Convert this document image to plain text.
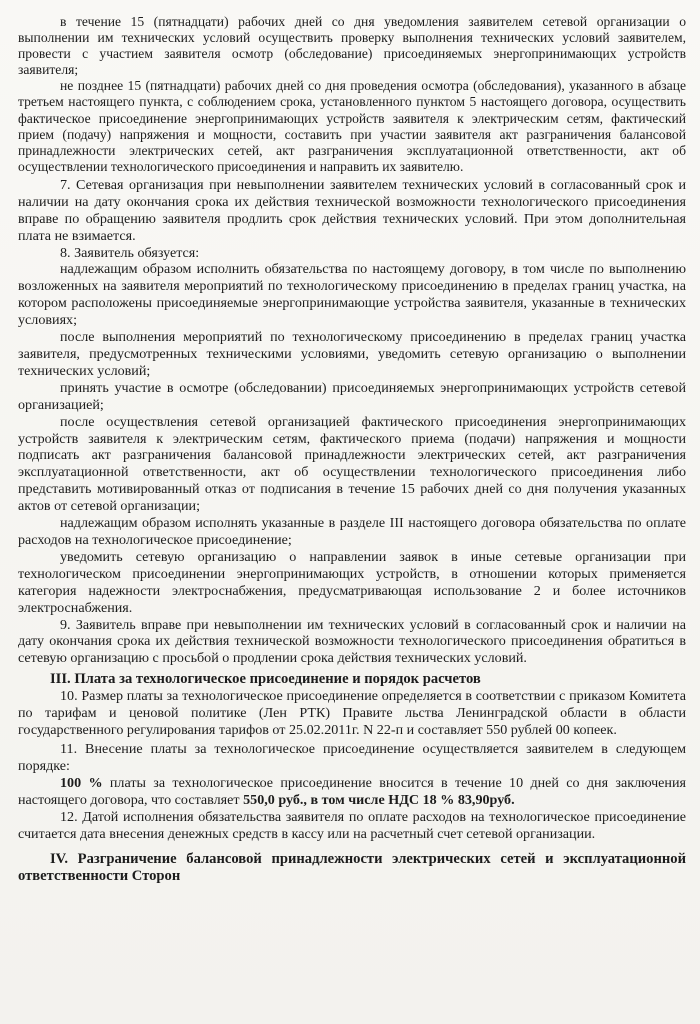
в течение 15 (пятнадцати) рабочих дней со дня уведомления заявителем сетевой организации о выполнении им технических условий осуществить проверку выполнения технических условий заявителем, провести с участием заявителя осмотр (обследование) присоединяемых энергопринимающих устройств заявителя;

не позднее 15 (пятнадцати) рабочих дней со дня проведения осмотра (обследования), указанного в абзаце третьем настоящего пункта, с соблюдением срока, установленного пунктом 5 настоящего договора, осуществить фактическое присоединение энергопринимающих устройств заявителя к электрическим сетям, фактический прием (подачу) напряжения и мощности, составить при участии заявителя акт разграничения балансовой принадлежности электрических сетей, акт разграничения эксплуатационной ответственности, акт об осуществлении технологического присоединения и направить их заявителю.

7. Сетевая организация при невыполнении заявителем технических условий в согласованный срок и наличии на дату окончания срока их действия технической возможности технологического присоединения вправе по обращению заявителя продлить срок действия технических условий. При этом дополнительная плата не взимается.

8. Заявитель обязуется:

надлежащим образом исполнить обязательства по настоящему договору, в том числе по выполнению возложенных на заявителя мероприятий по технологическому присоединению в пределах границ участка, на котором расположены присоединяемые энергопринимающие устройства заявителя, указанные в технических условиях;

после выполнения мероприятий по технологическому присоединению в пределах границ участка заявителя, предусмотренных техническими условиями, уведомить сетевую организацию о выполнении технических условий;

принять участие в осмотре (обследовании) присоединяемых энергопринимающих устройств сетевой организацией;

после осуществления сетевой организацией фактического присоединения энергопринимающих устройств заявителя к электрическим сетям, фактического приема (подачи) напряжения и мощности подписать акт разграничения балансовой принадлежности электрических сетей, акт разграничения эксплуатационной ответственности, акт об осуществлении технологического присоединения либо представить мотивированный отказ от подписания в течение 15 рабочих дней со дня получения указанных актов от сетевой организации;

надлежащим образом исполнять указанные в разделе III настоящего договора обязательства по оплате расходов на технологическое присоединение;

уведомить сетевую организацию о направлении заявок в иные сетевые организации при технологическом присоединении энергопринимающих устройств, в отношении которых применяется категория надежности электроснабжения, предусматривающая использование 2 и более источников электроснабжения.

9. Заявитель вправе при невыполнении им технических условий в согласованный срок и наличии на дату окончания срока их действия технической возможности технологического присоединения обратиться в сетевую организацию с просьбой о продлении срока действия технических условий.

III. Плата за технологическое присоединение и порядок расчетов

10. Размер платы за технологическое присоединение определяется в соответствии с приказом Комитета по тарифам и ценовой политике (Лен РТК) Правите льства Ленинградской области в области государственного регулирования тарифов от 25.02.2011г. N 22-п и составляет 550 рублей 00 копеек.

11. Внесение платы за технологическое присоединение осуществляется заявителем в следующем порядке:

100 % платы за технологическое присоединение вносится в течение 10 дней со дня заключения настоящего договора, что составляет 550,0 руб., в том числе НДС 18 % 83,90руб.

12. Датой исполнения обязательства заявителя по оплате расходов на технологическое присоединение считается дата внесения денежных средств в кассу или на расчетный счет сетевой организации.

IV. Разграничение балансовой принадлежности электрических сетей и эксплуатационной ответственности Сторон
